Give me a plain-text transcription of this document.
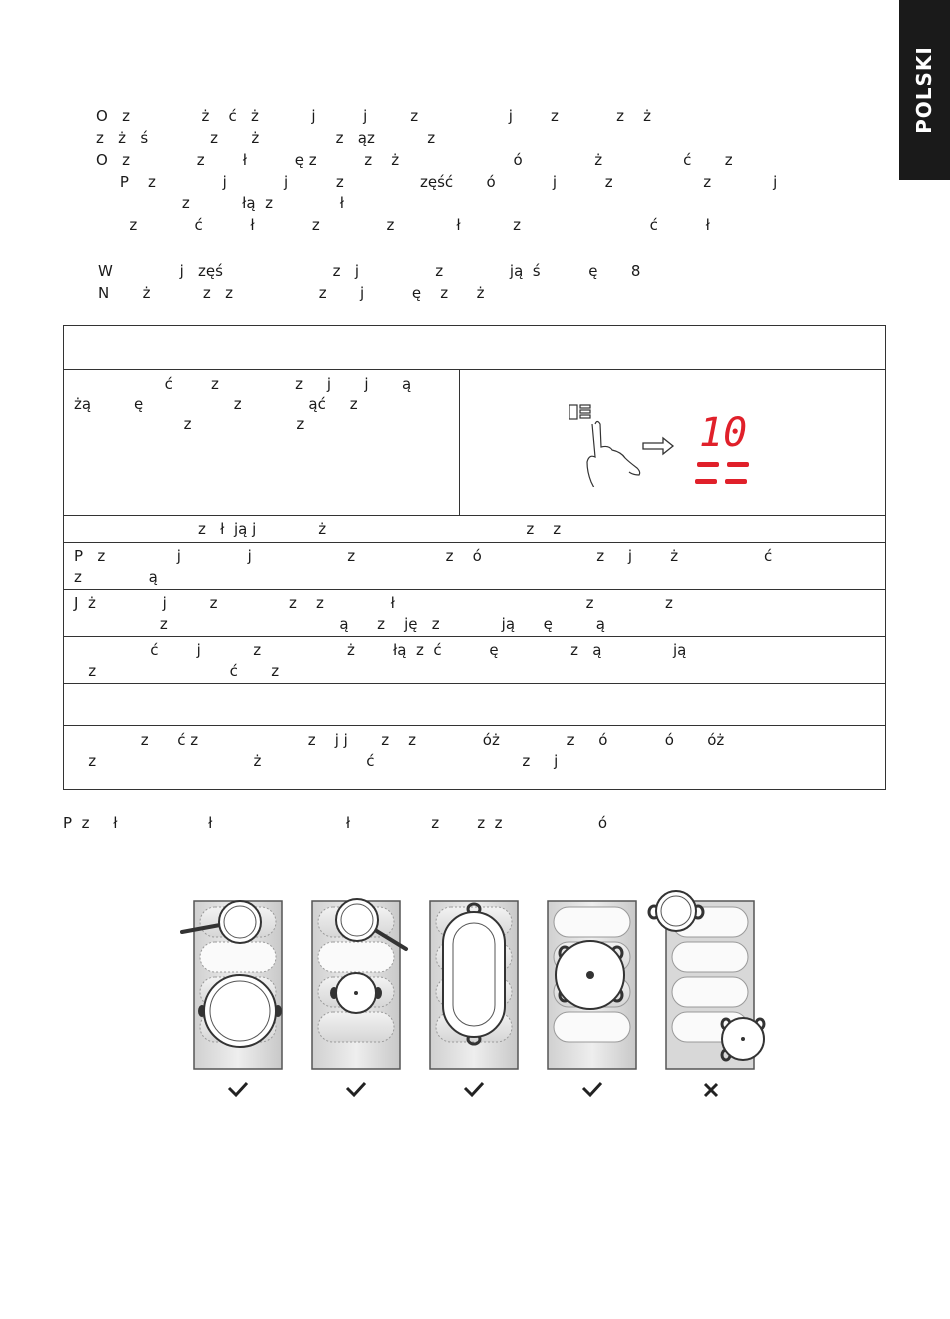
POLSKI
O   z               ż    ć   ż           j          j         z                   j        z            z    ż
z   ż   ś             z       ż                z   ąz           z
O   z              z        ł          ę z          z    ż                        ó               ż                 ć       z
P    z              j            j          z                zęść       ó            j          z                   z             j
z           łą  z              ł
z            ć          ł            z              z             ł           z                           ć          ł
W              j   zęś                       z   j                z              ją  ś          ę       8
N       ż           z   z                  z       j          ę    z      ż
ć        z                z     j       j       ą
żą         ę                   z              ąć     z
z                      z	10
z   ł  ją j             ż                                          z    z
P   z               j              j                    z                   z    ó                        z     j        ż                  ć
z              ą
J  ż              j         z               z    z              ł                                        z               z
z                                    ą      z    ję   z             ją      ę         ą
ć        j           z                  ż        łą  z  ć          ę               z   ą               ją
z                            ć       z
z      ć z                       z    j j       z    z              óż              z     ó            ó       óż
z                                 ż                      ć                               z     j
P  z     ł                   ł                            ł                 z        z  z                    ó
